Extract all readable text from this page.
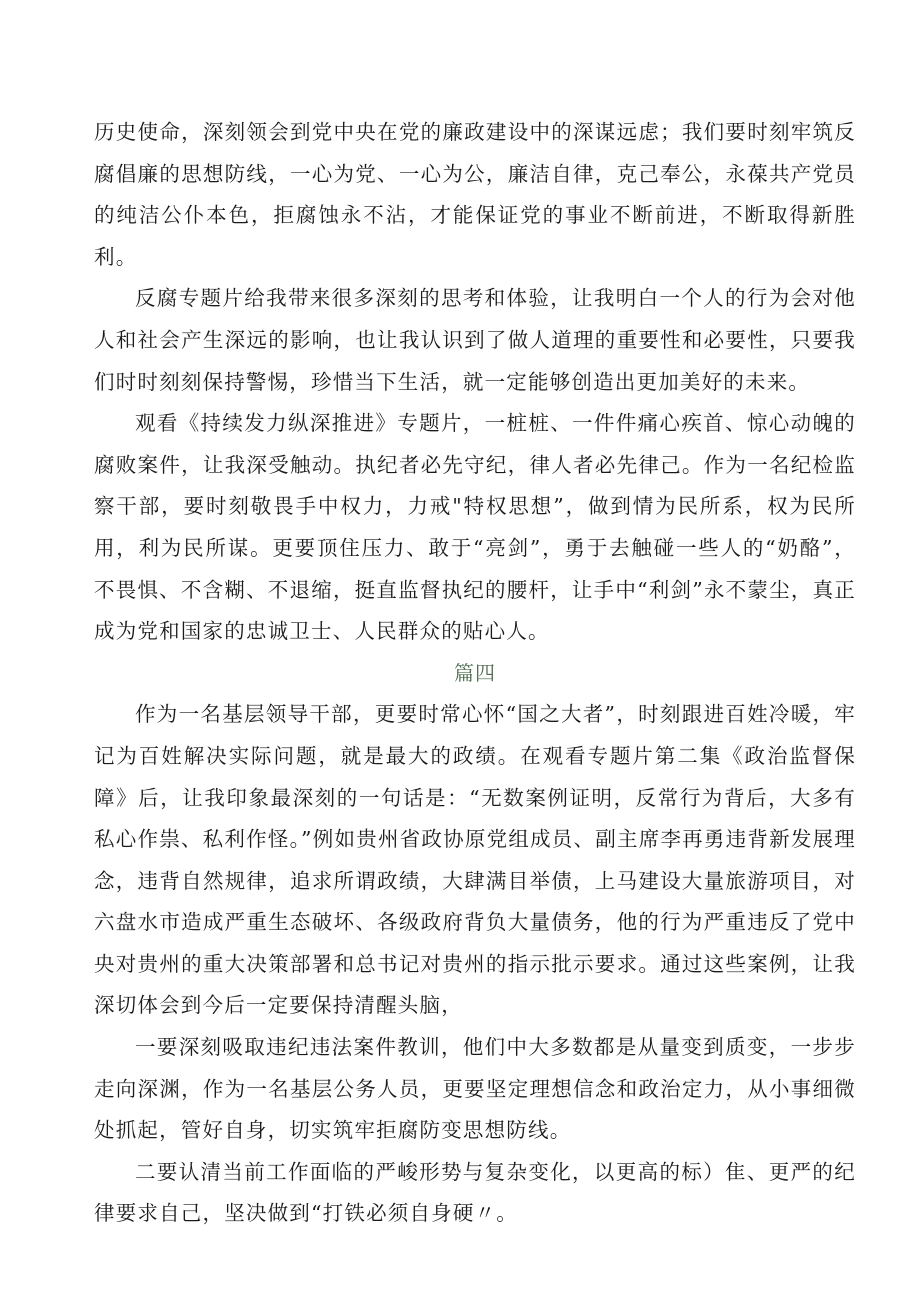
历史使命，深刻领会到党中央在党的廉政建设中的深谋远虑；我们要时刻牢筑反腐倡廉的思想防线，一心为党、一心为公，廉洁自律，克己奉公，永葆共产党员的纯洁公仆本色，拒腐蚀永不沾，才能保证党的事业不断前进，不断取得新胜利。

反腐专题片给我带来很多深刻的思考和体验，让我明白一个人的行为会对他人和社会产生深远的影响，也让我认识到了做人道理的重要性和必要性，只要我们时时刻刻保持警惕，珍惜当下生活，就一定能够创造出更加美好的未来。

观看《持续发力纵深推进》专题片，一桩桩、一件件痛心疾首、惊心动魄的腐败案件，让我深受触动。执纪者必先守纪，律人者必先律己。作为一名纪检监察干部，要时刻敬畏手中权力，力戒"特权思想”，做到情为民所系，权为民所用，利为民所谋。更要顶住压力、敢于“亮剑”，勇于去触碰一些人的“奶酪”，不畏惧、不含糊、不退缩，挺直监督执纪的腰杆，让手中“利剑”永不蒙尘，真正成为党和国家的忠诚卫士、人民群众的贴心人。

篇四

作为一名基层领导干部，更要时常心怀“国之大者”，时刻跟进百姓冷暖，牢记为百姓解决实际问题，就是最大的政绩。在观看专题片第二集《政治监督保障》后，让我印象最深刻的一句话是：“无数案例证明，反常行为背后，大多有私心作祟、私利作怪。”例如贵州省政协原党组成员、副主席李再勇违背新发展理念，违背自然规律，追求所谓政绩，大肆满目举债，上马建设大量旅游项目，对六盘水市造成严重生态破坏、各级政府背负大量债务，他的行为严重违反了党中央对贵州的重大决策部署和总书记对贵州的指示批示要求。通过这些案例，让我深切体会到今后一定要保持清醒头脑，

一要深刻吸取违纪违法案件教训，他们中大多数都是从量变到质变，一步步走向深渊，作为一名基层公务人员，更要坚定理想信念和政治定力，从小事细微处抓起，管好自身，切实筑牢拒腐防变思想防线。

二要认清当前工作面临的严峻形势与复杂变化，以更高的标）隹、更严的纪律要求自己，坚决做到“打铁必须自身硬〃。
